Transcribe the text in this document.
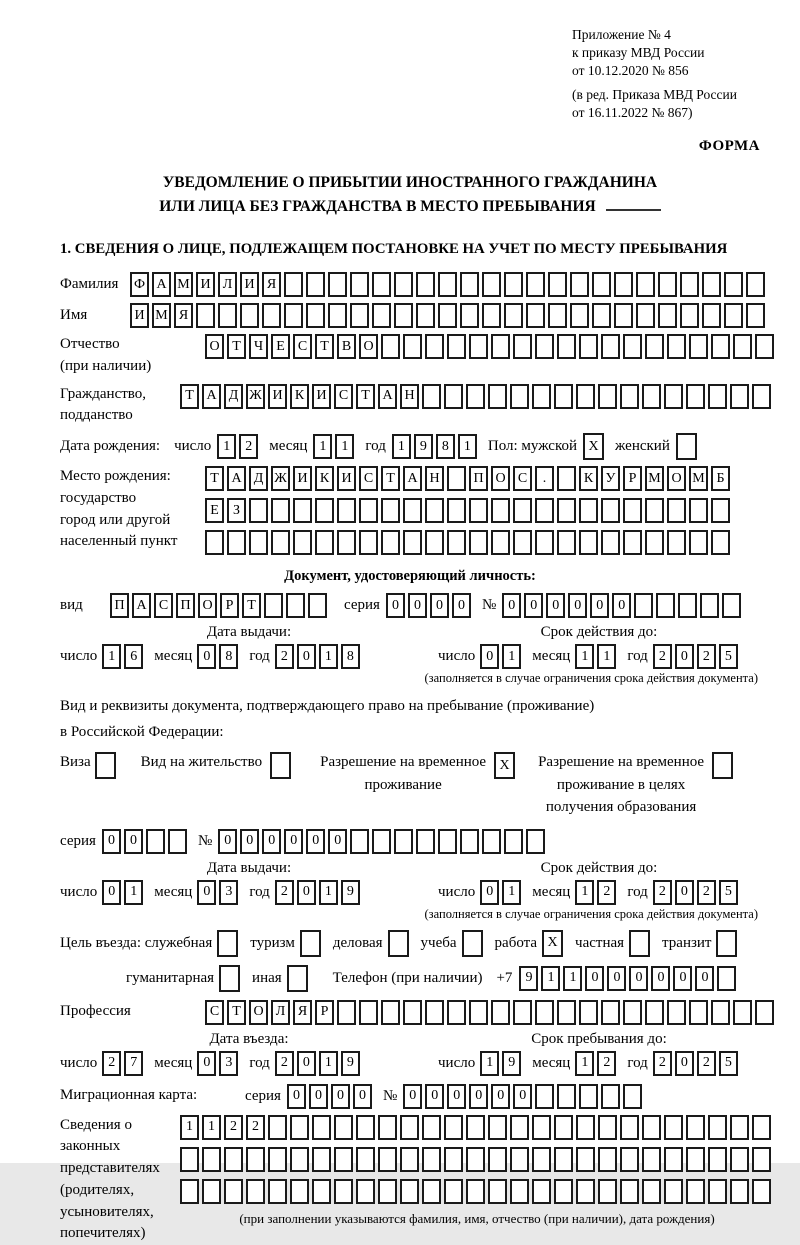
Приложение № 4
к приказу МВД России
от 10.12.2020 № 856
(в ред. Приказа МВД России
от 16.11.2022 № 867)
ФОРМА
УВЕДОМЛЕНИЕ О ПРИБЫТИИ ИНОСТРАННОГО ГРАЖДАНИНА
ИЛИ ЛИЦА БЕЗ ГРАЖДАНСТВА В МЕСТО ПРЕБЫВАНИЯ
1. СВЕДЕНИЯ О ЛИЦЕ, ПОДЛЕЖАЩЕМ ПОСТАНОВКЕ НА УЧЕТ ПО МЕСТУ ПРЕБЫВАНИЯ
Фамилия	Ф А М И Л И Я
Имя	И М Я
Отчество
(при наличии)
О Т Ч Е С Т В О
Гражданство,
подданство
Т А Д Ж И К И С Т А Н
Дата рождения: число 1	2	месяц 1	1	год 1	9	8	1	Пол: мужской X	женский
Место рождения:
государство
город или другой
населенный пункт
Т А Д Ж И К И С Т А Н	П О С	.	К У Р М О М Б
Е	З
Документ, удостоверяющий личность:
вид	П А С П О Р Т	серия 0	0	0	0	№ 0	0	0	0	0	0
Дата выдачи:
число 1	6	месяц 0	8	год 2	0	1	8
Срок действия до:
число 0	1	месяц 1	1	год 2	0	2	5
(заполняется в случае ограничения срока действия документа)
Вид и реквизиты документа, подтверждающего право на пребывание (проживание)
в Российской Федерации:
Виза	Вид на жительство	Разрешение на временное
проживание
X	Разрешение на временное
проживание в целях
получения образования
серия 0	0	№ 0	0	0	0	0	0
Дата выдачи:
число 0	1	месяц 0	3	год 2	0	1	9
Срок действия до:
число 0	1	месяц 1	2	год 2	0	2	5
(заполняется в случае ограничения срока действия документа)
Цель въезда: служебная	туризм	деловая	учеба	работа X	частная	транзит
гуманитарная	иная	Телефон (при наличии) +7 9	1	1	0	0	0	0	0	0
Профессия	С Т О Л Я Р
Дата въезда:
число 2	7	месяц 0	3	год 2	0	1	9
Срок пребывания до:
число 1	9	месяц 1	2	год 2	0	2	5
Миграционная карта:	серия 0	0	0	0	№ 0	0	0	0	0	0
Сведения о
законных
представителях
(родителях,
усыновителях,
попечителях)
1	1	2	2
(при заполнении указываются фамилия, имя, отчество (при наличии), дата рождения)
